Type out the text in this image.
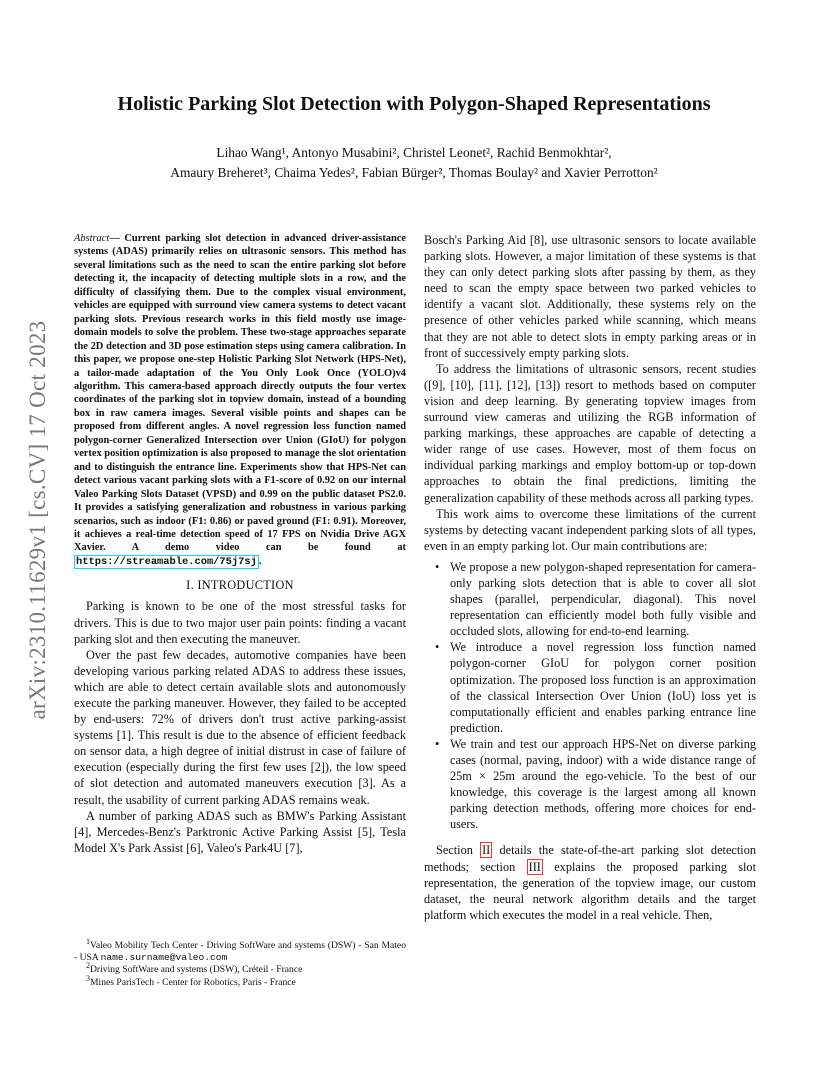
arXiv:2310.11629v1 [cs.CV] 17 Oct 2023
Holistic Parking Slot Detection with Polygon-Shaped Representations
Lihao Wang¹, Antonyo Musabini², Christel Leonet², Rachid Benmokhtar²,
Amaury Breheret³, Chaima Yedes², Fabian Bürger², Thomas Boulay² and Xavier Perrotton²
Abstract— Current parking slot detection in advanced driver-assistance systems (ADAS) primarily relies on ultrasonic sensors. This method has several limitations such as the need to scan the entire parking slot before detecting it, the incapacity of detecting multiple slots in a row, and the difficulty of classifying them. Due to the complex visual environment, vehicles are equipped with surround view camera systems to detect vacant parking slots. Previous research works in this field mostly use image-domain models to solve the problem. These two-stage approaches separate the 2D detection and 3D pose estimation steps using camera calibration. In this paper, we propose one-step Holistic Parking Slot Network (HPS-Net), a tailor-made adaptation of the You Only Look Once (YOLO)v4 algorithm. This camera-based approach directly outputs the four vertex coordinates of the parking slot in topview domain, instead of a bounding box in raw camera images. Several visible points and shapes can be proposed from different angles. A novel regression loss function named polygon-corner Generalized Intersection over Union (GIoU) for polygon vertex position optimization is also proposed to manage the slot orientation and to distinguish the entrance line. Experiments show that HPS-Net can detect various vacant parking slots with a F1-score of 0.92 on our internal Valeo Parking Slots Dataset (VPSD) and 0.99 on the public dataset PS2.0. It provides a satisfying generalization and robustness in various parking scenarios, such as indoor (F1: 0.86) or paved ground (F1: 0.91). Moreover, it achieves a real-time detection speed of 17 FPS on Nvidia Drive AGX Xavier. A demo video can be found at https://streamable.com/75j7sj .
I. INTRODUCTION

Parking is known to be one of the most stressful tasks for drivers. This is due to two major user pain points: finding a vacant parking slot and then executing the maneuver.

Over the past few decades, automotive companies have been developing various parking related ADAS to address these issues, which are able to detect certain available slots and autonomously execute the parking maneuver. However, they failed to be accepted by end-users: 72% of drivers don't trust active parking-assist systems [1]. This result is due to the absence of efficient feedback on sensor data, a high degree of initial distrust in case of failure of execution (especially during the first few uses [2]), the low speed of slot detection and automated maneuvers execution [3]. As a result, the usability of current parking ADAS remains weak.

A number of parking ADAS such as BMW's Parking Assistant [4], Mercedes-Benz's Parktronic Active Parking Assist [5], Tesla Model X's Park Assist [6], Valeo's Park4U [7],

Bosch's Parking Aid [8], use ultrasonic sensors to locate available parking slots. However, a major limitation of these systems is that they can only detect parking slots after passing by them, as they need to scan the empty space between two parked vehicles to identify a vacant slot. Additionally, these systems rely on the presence of other vehicles parked while scanning, which means that they are not able to detect slots in empty parking areas or in front of successively empty parking slots.

To address the limitations of ultrasonic sensors, recent studies ([9], [10], [11], [12], [13]) resort to methods based on computer vision and deep learning. By generating topview images from surround view cameras and utilizing the RGB information of parking markings, these approaches are capable of detecting a wider range of use cases. However, most of them focus on individual parking markings and employ bottom-up or top-down approaches to obtain the final predictions, limiting the generalization capability of these methods across all parking types.

This work aims to overcome these limitations of the current systems by detecting vacant independent parking slots of all types, even in an empty parking lot. Our main contributions are:

• We propose a new polygon-shaped representation for camera-only parking slots detection that is able to cover all slot shapes (parallel, perpendicular, diagonal). This novel representation can efficiently model both fully visible and occluded slots, allowing for end-to-end learning.
• We introduce a novel regression loss function named polygon-corner GIoU for polygon corner position optimization. The proposed loss function is an approximation of the classical Intersection Over Union (IoU) loss yet is computationally efficient and enables parking entrance line prediction.
• We train and test our approach HPS-Net on diverse parking cases (normal, paving, indoor) with a wide distance range of 25m × 25m around the ego-vehicle. To the best of our knowledge, this coverage is the largest among all known parking detection methods, offering more choices for end-users.

Section II details the state-of-the-art parking slot detection methods; section III explains the proposed parking slot representation, the generation of the topview image, our custom dataset, the neural network algorithm details and the target platform which executes the model in a real vehicle. Then,

$^1$Valeo Mobility Tech Center - Driving SoftWare and systems (DSW) - San Mateo - USA name.surname@valeo.com
$^2$Driving SoftWare and systems (DSW), Créteil - France
$^3$Mines ParisTech - Center for Robotics, Paris - France
